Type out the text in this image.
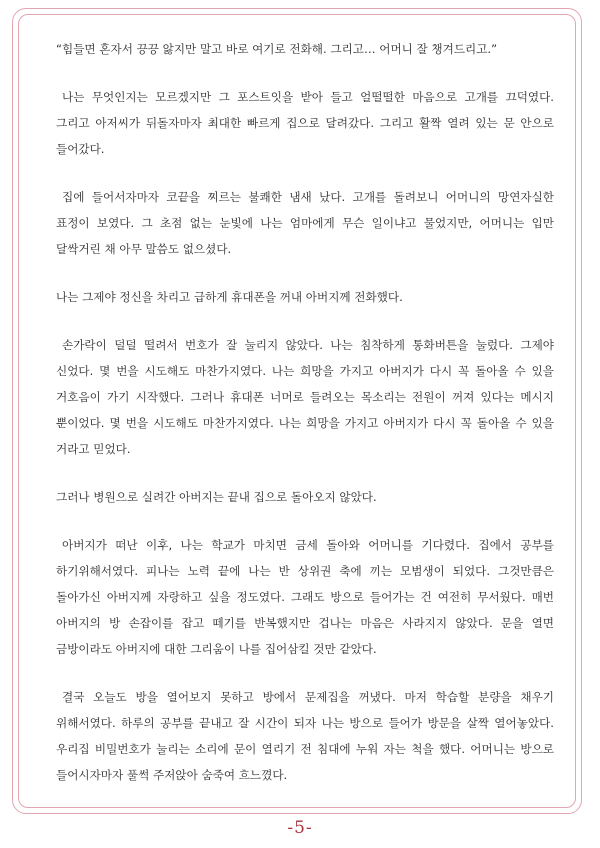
“힘들면 혼자서 끙끙 앓지만 말고 바로 여기로 전화해. 그리고… 어머니 잘 챙겨드리고.”

나는 무엇인지는 모르겠지만 그 포스트잇을 받아 들고 얼떨떨한 마음으로 고개를 끄덕였다. 그리고 아저씨가 뒤돌자마자 최대한 빠르게 집으로 달려갔다. 그리고 활짝 열려 있는 문 안으로 들어갔다.

집에 들어서자마자 코끝을 찌르는 불쾌한 냄새 났다. 고개를 돌려보니 어머니의 망연자실한 표정이 보였다. 그 초점 없는 눈빛에 나는 엄마에게 무슨 일이냐고 물었지만, 어머니는 입만 달싹거린 채 아무 말씀도 없으셨다.

나는 그제야 정신을 차리고 급하게 휴대폰을 꺼내 아버지께 전화했다.

손가락이 덜덜 떨려서 번호가 잘 눌리지 않았다. 나는 침착하게 통화버튼을 눌렀다. 그제야 신었다. 몇 번을 시도해도 마찬가지였다. 나는 희망을 가지고 아버지가 다시 꼭 돌아올 수 있을 거호음이 가기 시작했다. 그러나 휴대폰 너머로 들려오는 목소리는 전원이 꺼져 있다는 메시지 뿐이었다. 몇 번을 시도해도 마찬가지였다. 나는 희망을 가지고 아버지가 다시 꼭 돌아올 수 있을 거라고 믿었다.

그러나 병원으로 실려간 아버지는 끝내 집으로 돌아오지 않았다.

아버지가 떠난 이후, 나는 학교가 마치면 금세 돌아와 어머니를 기다렸다. 집에서 공부를 하기위해서였다. 피나는 노력 끝에 나는 반 상위권 축에 끼는 모범생이 되었다. 그것만큼은 돌아가신 아버지께 자랑하고 싶을 정도였다. 그래도 방으로 들어가는 건 여전히 무서웠다. 매번 아버지의 방 손잡이를 잡고 떼기를 반복했지만 겁나는 마음은 사라지지 않았다. 문을 열면 금방이라도 아버지에 대한 그리움이 나를 집어삼킬 것만 같았다.

결국 오늘도 방을 열어보지 못하고 방에서 문제집을 꺼냈다. 마저 학습할 분량을 채우기 위해서였다. 하루의 공부를 끝내고 잘 시간이 되자 나는 방으로 들어가 방문을 살짝 열어놓았다. 우리집 비밀번호가 눌리는 소리에 문이 열리기 전 침대에 누워 자는 척을 했다. 어머니는 방으로 들어시자마자 풀썩 주저앉아 숨죽여 흐느꼈다.

-5-
